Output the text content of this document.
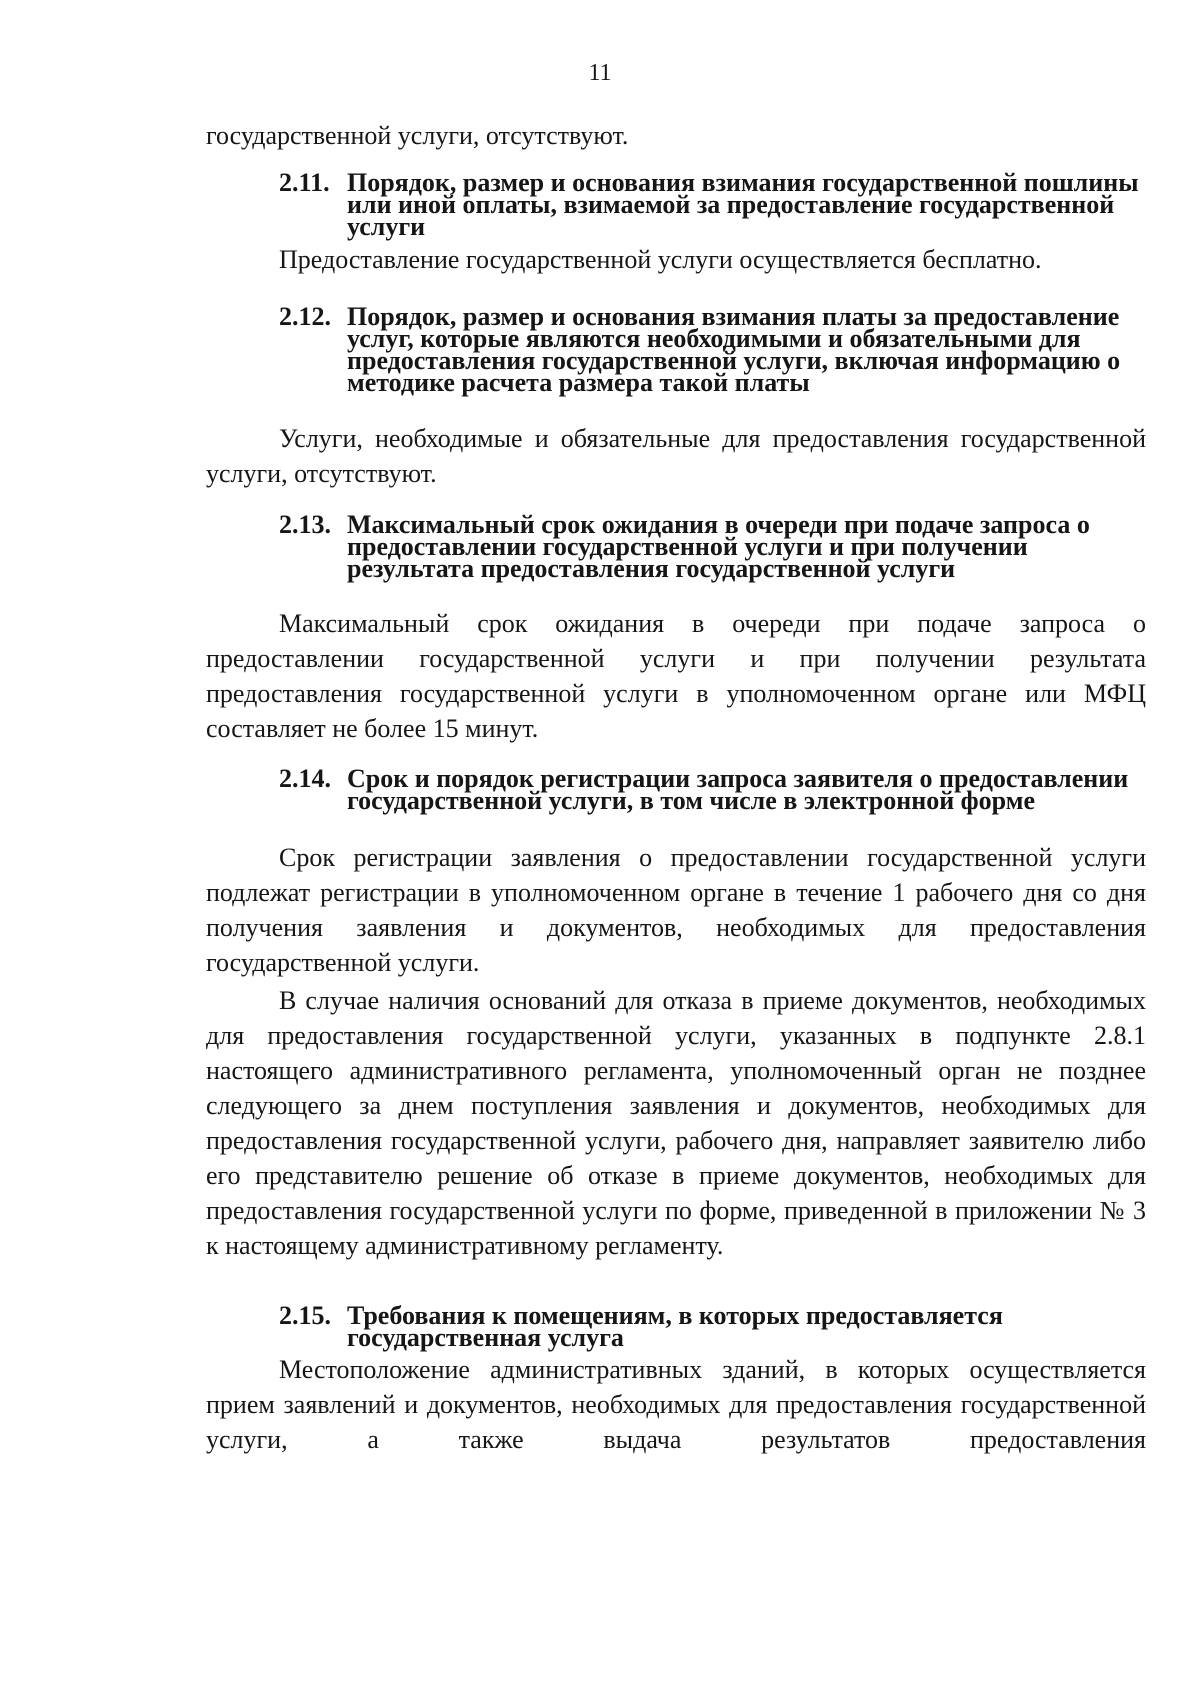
11

государственной услуги, отсутствуют.

2.11. Порядок, размер и основания взимания государственной пошлины или иной оплаты, взимаемой за предоставление государственной услуги

Предоставление государственной услуги осуществляется бесплатно.

2.12. Порядок, размер и основания взимания платы за предоставление услуг, которые являются необходимыми и обязательными для предоставления государственной услуги, включая информацию о методике расчета размера такой платы

Услуги, необходимые и обязательные для предоставления государственной услуги, отсутствуют.

2.13. Максимальный срок ожидания в очереди при подаче запроса о предоставлении государственной услуги и при получении результата предоставления государственной услуги

Максимальный срок ожидания в очереди при подаче запроса о предоставлении государственной услуги и при получении результата предоставления государственной услуги в уполномоченном органе или МФЦ составляет не более 15 минут.

2.14. Срок и порядок регистрации запроса заявителя о предоставлении государственной услуги, в том числе в электронной форме

Срок регистрации заявления о предоставлении государственной услуги подлежат регистрации в уполномоченном органе в течение 1 рабочего дня со дня получения заявления и документов, необходимых для предоставления государственной услуги.

В случае наличия оснований для отказа в приеме документов, необходимых для предоставления государственной услуги, указанных в подпункте 2.8.1 настоящего административного регламента, уполномоченный орган не позднее следующего за днем поступления заявления и документов, необходимых для предоставления государственной услуги, рабочего дня, направляет заявителю либо его представителю решение об отказе в приеме документов, необходимых для предоставления государственной услуги по форме, приведенной в приложении № 3 к настоящему административному регламенту.

2.15. Требования к помещениям, в которых предоставляется государственная услуга

Местоположение административных зданий, в которых осуществляется прием заявлений и документов, необходимых для предоставления государственной услуги, а также выдача результатов предоставления
